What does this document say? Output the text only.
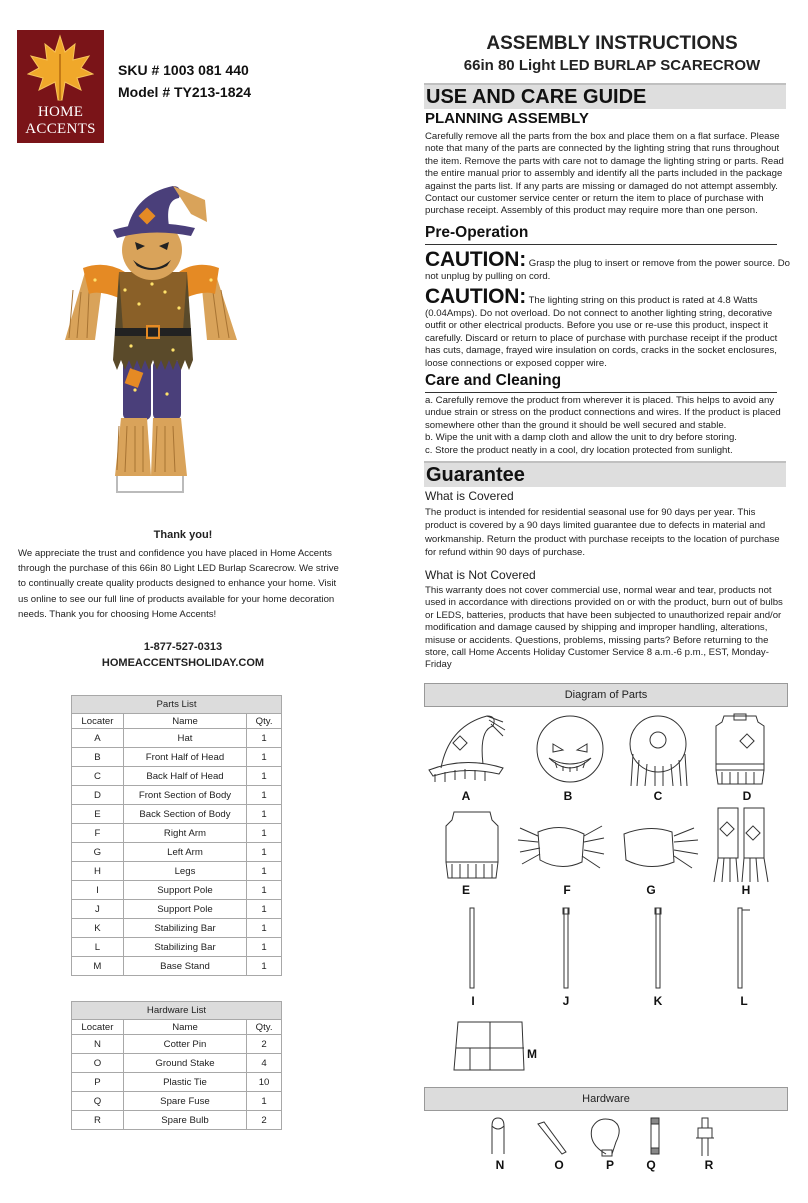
HOME
ACCENTS
SKU # 1003 081 440
Model # TY213-1824
Thank you!
We appreciate the trust and confidence you have placed in Home Accents through the purchase of this 66in 80 Light LED Burlap Scarecrow. We strive to continually create quality products designed to enhance your home. Visit us online to see our full line of products available for your home decoration needs. Thank you for choosing Home Accents!
1-877-527-0313
HOMEACCENTSHOLIDAY.COM
Parts List		
Locater	Name	Qty.
A	Hat	1
B	Front Half of Head	1
C	Back Half of Head	1
D	Front Section of Body	1
E	Back Section of Body	1
F	Right Arm	1
G	Left Arm	1
H	Legs	1
I	Support Pole	1
J	Support Pole	1
K	Stabilizing Bar	1
L	Stabilizing Bar	1
M	Base Stand	1
Hardware List		
Locater	Name	Qty.
N	Cotter Pin	2
O	Ground Stake	4
P	Plastic Tie	10
Q	Spare Fuse	1
R	Spare Bulb	2
ASSEMBLY INSTRUCTIONS
66in 80 Light LED BURLAP SCARECROW
USE AND CARE GUIDE
PLANNING ASSEMBLY
Carefully remove all the parts from the box and place them on a flat surface. Please note that many of the parts are connected by the lighting string that runs throughout the item. Remove the parts with care not to damage the lighting string or parts. Read the entire manual prior to assembly and identify all the parts included in the package against the parts list. If any parts are missing or damaged do not attempt assembly. Contact our customer service center or return the item to place of purchase with purchase receipt. Assembly of this product may require more than one person.
Pre-Operation
CAUTION: Grasp the plug to insert or remove from the power source. Do not unplug by pulling on cord.
CAUTION: The lighting string on this product is rated at 4.8 Watts (0.04Amps). Do not overload. Do not connect to another lighting string, decorative outfit or other electrical products. Before you use or re-use this product, inspect it carefully. Discard or return to place of purchase with purchase receipt if the product has cuts, damage, frayed wire insulation on cords, cracks in the socket enclosures, loose connections or exposed copper wire.
Care and Cleaning
a. Carefully remove the product from wherever it is placed. This helps to avoid any undue strain or stress on the product connections and wires. If the product is placed somewhere other than the ground it should be well secured and stable.
b. Wipe the unit with a damp cloth and allow the unit to dry before storing.
c. Store the product neatly in a cool, dry location protected from sunlight.
Guarantee
What is Covered
The product is intended for residential seasonal use for 90 days per year. This product is covered by a 90 days limited guarantee due to defects in material and workmanship. Return the product with purchase receipts to the location of purchase for refund within 90 days of purchase.
What is Not Covered
This warranty does not cover commercial use, normal wear and tear, products not used in accordance with directions provided on or with the product, burn out of bulbs or LEDS, batteries, products that have been subjected to unauthorized repair and/or modification and damage caused by shipping and improper handling, alterations, misuse or accidents. Questions, problems, missing parts? Before returning to the store, call Home Accents Holiday Customer Service 8 a.m.-6 p.m., EST, Monday-Friday
Diagram of Parts
A	B	C	D
E	F	G	H
I	J	K	L
M
Hardware
N	O	P	Q	R
